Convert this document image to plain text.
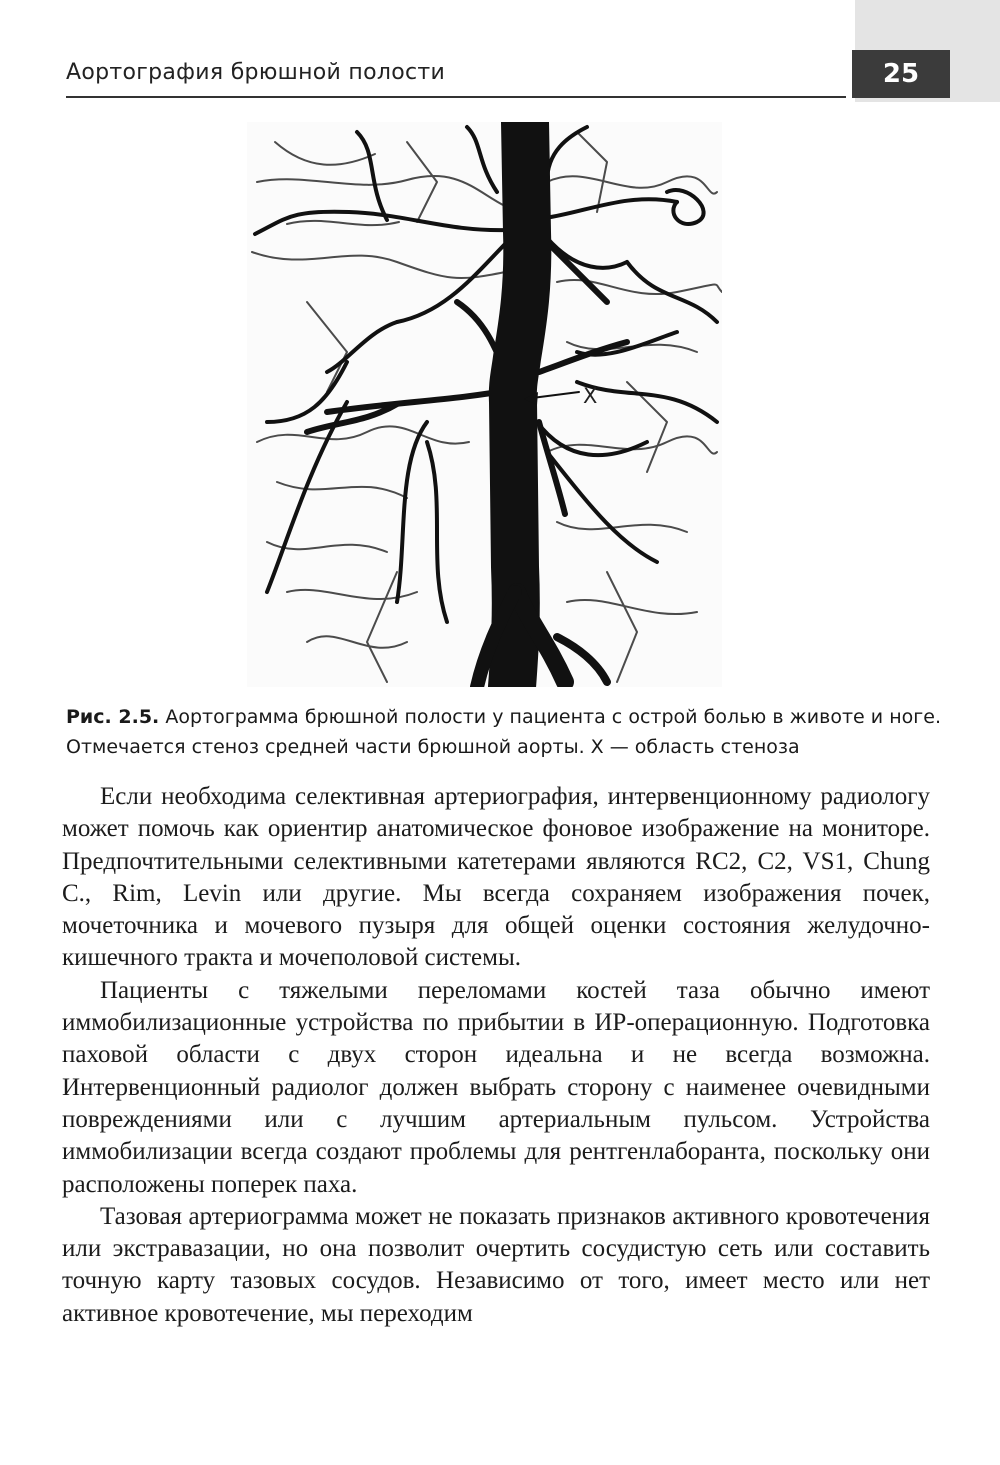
Аортография брюшной полости	25
X
Рис. 2.5. Аортограмма брюшной полости у пациента с острой болью в животе и ноге. Отмечается стеноз средней части брюшной аорты. X — область стеноза

Если необходима селективная артериография, интервенционному радиологу может помочь как ориентир анатомическое фоновое изображение на мониторе. Предпочтительными селективными катетерами являются RC2, C2, VS1, Chung C., Rim, Levin или другие. Мы всегда сохраняем изображения почек, мочеточника и мочевого пузыря для общей оценки состояния желудочно-кишечного тракта и мочеполовой системы.

Пациенты с тяжелыми переломами костей таза обычно имеют иммобилизационные устройства по прибытии в ИР-операционную. Подготовка паховой области с двух сторон идеальна и не всегда возможна. Интервенционный радиолог должен выбрать сторону с наименее очевидными повреждениями или с лучшим артериальным пульсом. Устройства иммобилизации всегда создают проблемы для рентгенлаборанта, поскольку они расположены поперек паха.

Тазовая артериограмма может не показать признаков активного кровотечения или экстравазации, но она позволит очертить сосудистую сеть или составить точную карту тазовых сосудов. Независимо от того, имеет место или нет активное кровотечение, мы переходим
